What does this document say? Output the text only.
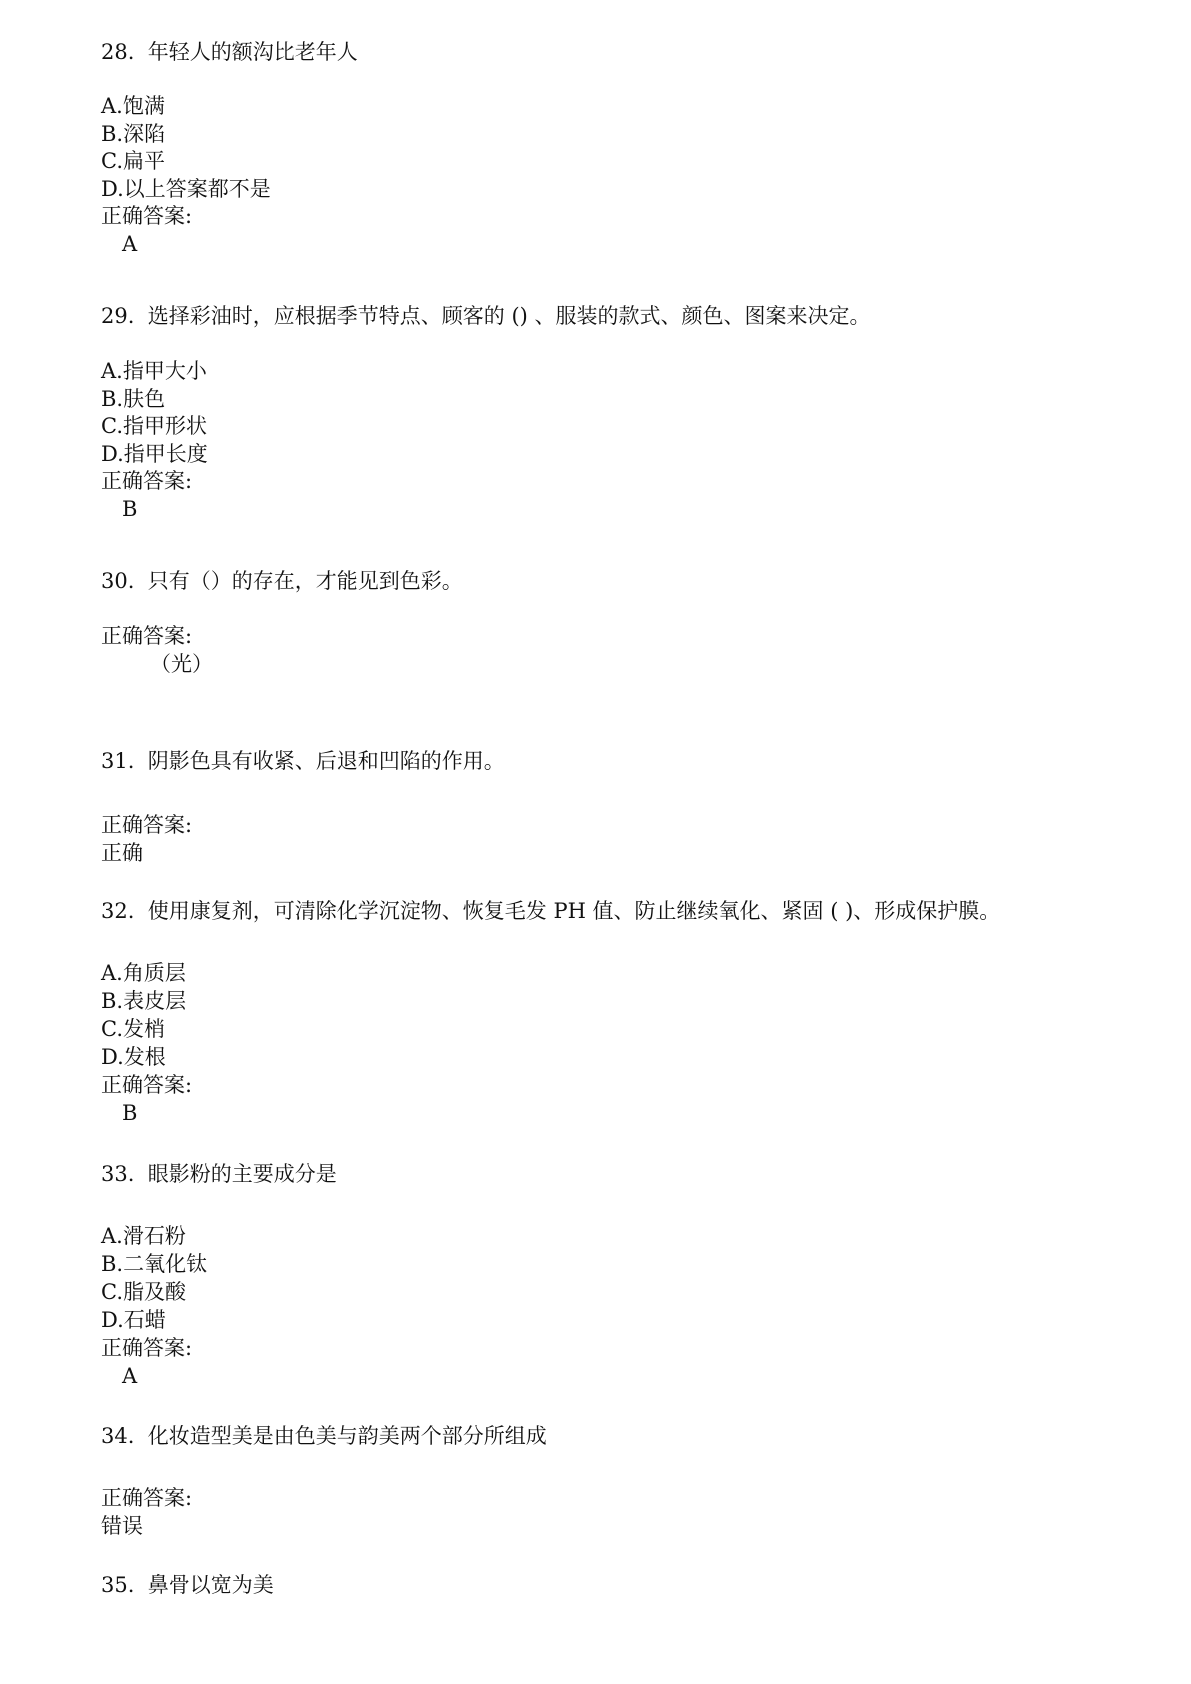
28. 年轻人的额沟比老年人
A.饱满
B.深陷
C.扁平
D.以上答案都不是
正确答案:
A
29. 选择彩油时，应根据季节特点、顾客的 () 、服装的款式、颜色、图案来决定。
A.指甲大小
B.肤色
C.指甲形状
D.指甲长度
正确答案:
B
30. 只有（）的存在，才能见到色彩。
正确答案:
（光）
31. 阴影色具有收紧、后退和凹陷的作用。
正确答案:
正确
32. 使用康复剂，可清除化学沉淀物、恢复毛发 PH 值、防止继续氧化、紧固 ( )、形成保护膜。
A.角质层
B.表皮层
C.发梢
D.发根
正确答案:
B
33. 眼影粉的主要成分是
A.滑石粉
B.二氧化钛
C.脂及酸
D.石蜡
正确答案:
A
34. 化妆造型美是由色美与韵美两个部分所组成
正确答案:
错误
35. 鼻骨以宽为美
